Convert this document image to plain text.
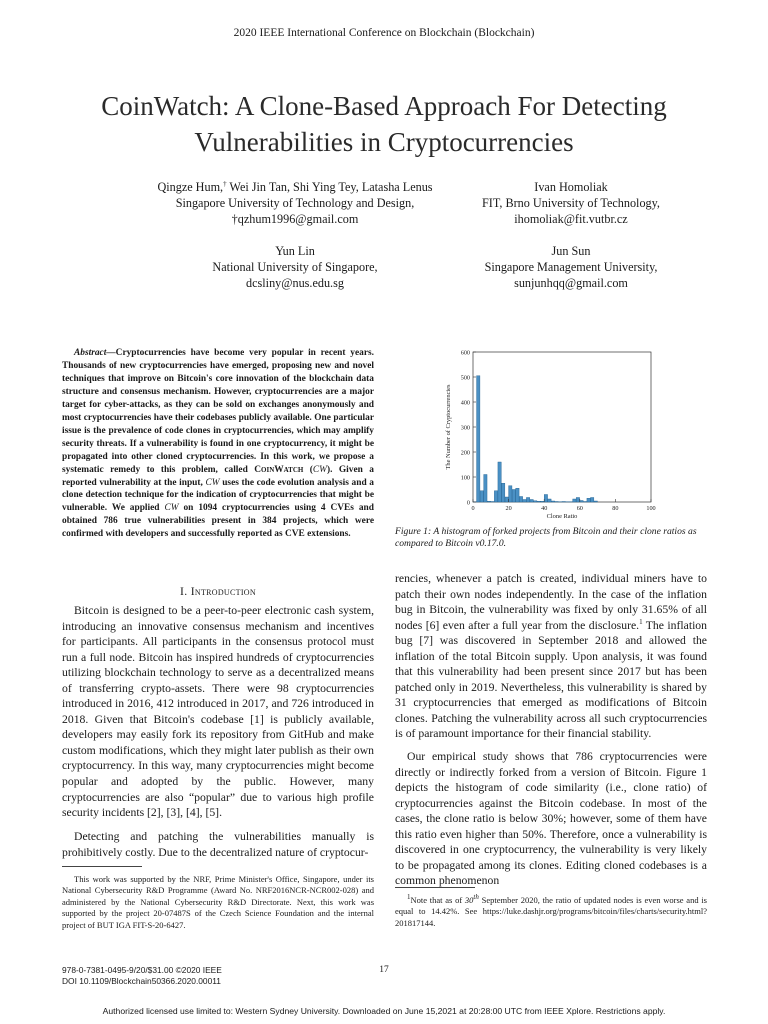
2020 IEEE International Conference on Blockchain (Blockchain)
CoinWatch: A Clone-Based Approach For Detecting
Vulnerabilities in Cryptocurrencies
Qingze Hum,† Wei Jin Tan, Shi Ying Tey, Latasha Lenus
Singapore University of Technology and Design,
†qzhum1996@gmail.com
Ivan Homoliak
FIT, Brno University of Technology,
ihomoliak@fit.vutbr.cz
Yun Lin
National University of Singapore,
dcsliny@nus.edu.sg
Jun Sun
Singapore Management University,
sunjunhqq@gmail.com
Abstract—Cryptocurrencies have become very popular in recent years. Thousands of new cryptocurrencies have emerged, proposing new and novel techniques that improve on Bitcoin's core innovation of the blockchain data structure and consensus mechanism. However, cryptocurrencies are a major target for cyber-attacks, as they can be sold on exchanges anonymously and most cryptocurrencies have their codebases publicly available. One particular issue is the prevalence of code clones in cryptocurrencies, which may amplify security threats. If a vulnerability is found in one cryptocurrency, it might be propagated into other cloned cryptocurrencies. In this work, we propose a systematic remedy to this problem, called CoinWatch (CW). Given a reported vulnerability at the input, CW uses the code evolution analysis and a clone detection technique for the indication of cryptocurrencies that might be vulnerable. We applied CW on 1094 cryptocurrencies using 4 CVEs and obtained 786 true vulnerabilities present in 384 projects, which were confirmed with developers and successfully reported as CVE extensions.
I. Introduction
Bitcoin is designed to be a peer-to-peer electronic cash system, introducing an innovative consensus mechanism and incentives for participants. All participants in the consensus protocol must run a full node. Bitcoin has inspired hundreds of cryptocurrencies utilizing blockchain technology to serve as a decentralized means of transferring crypto-assets. There were 98 cryptocurrencies introduced in 2016, 412 introduced in 2017, and 726 introduced in 2018. Given that Bitcoin's codebase [1] is publicly available, developers may easily fork its repository from GitHub and make custom modifications, which they might later publish as their own cryptocurrency. In this way, many cryptocurrencies might become popular and adopted by the public. However, many cryptocurrencies are also “popular” due to various high profile security incidents [2], [3], [4], [5].
Detecting and patching the vulnerabilities manually is prohibitively costly. Due to the decentralized nature of cryptocur-
This work was supported by the NRF, Prime Minister's Office, Singapore, under its National Cybersecurity R&D Programme (Award No. NRF2016NCR-NCR002-028) and administered by the National Cybersecurity R&D Directorate. Next, this work was supported by the project 20-07487S of the Czech Science Foundation and the internal project of BUT IGA FIT-S-20-6427.
0
100
200
300
400
500
600
0	20	40	60	80	100
Clone Ratio
The Number of Cryptocurrencies
Figure 1: A histogram of forked projects from Bitcoin and their clone ratios as compared to Bitcoin v0.17.0.
rencies, whenever a patch is created, individual miners have to patch their own nodes independently. In the case of the inflation bug in Bitcoin, the vulnerability was fixed by only 31.65% of all nodes [6] even after a full year from the disclosure.$^1$ The inflation bug [7] was discovered in September 2018 and allowed the inflation of the total Bitcoin supply. Upon analysis, it was found that this vulnerability had been present since 2017 but has been patched only in 2019. Nevertheless, this vulnerability is shared by 31 cryptocurrencies that emerged as modifications of Bitcoin clones. Patching the vulnerability across all such cryptocurrencies is of paramount importance for their financial stability.
Our empirical study shows that 786 cryptocurrencies were directly or indirectly forked from a version of Bitcoin. Figure 1 depicts the histogram of code similarity (i.e., clone ratio) of cryptocurrencies against the Bitcoin codebase. In most of the cases, the clone ratio is below 30%; however, some of them have this ratio even higher than 50%. Therefore, once a vulnerability is discovered in one cryptocurrency, the vulnerability is very likely to be propagated among its clones. Editing cloned codebases is a common phenomenon
$^1$Note that as of 30th September 2020, the ratio of updated nodes is even worse and is equal to 14.42%. See https://luke.dashjr.org/programs/bitcoin/files/charts/security.html?201817144.
978-0-7381-0495-9/20/$31.00 ©2020 IEEE
DOI 10.1109/Blockchain50366.2020.00011
17
Authorized licensed use limited to: Western Sydney University. Downloaded on June 15,2021 at 20:28:00 UTC from IEEE Xplore. Restrictions apply.
